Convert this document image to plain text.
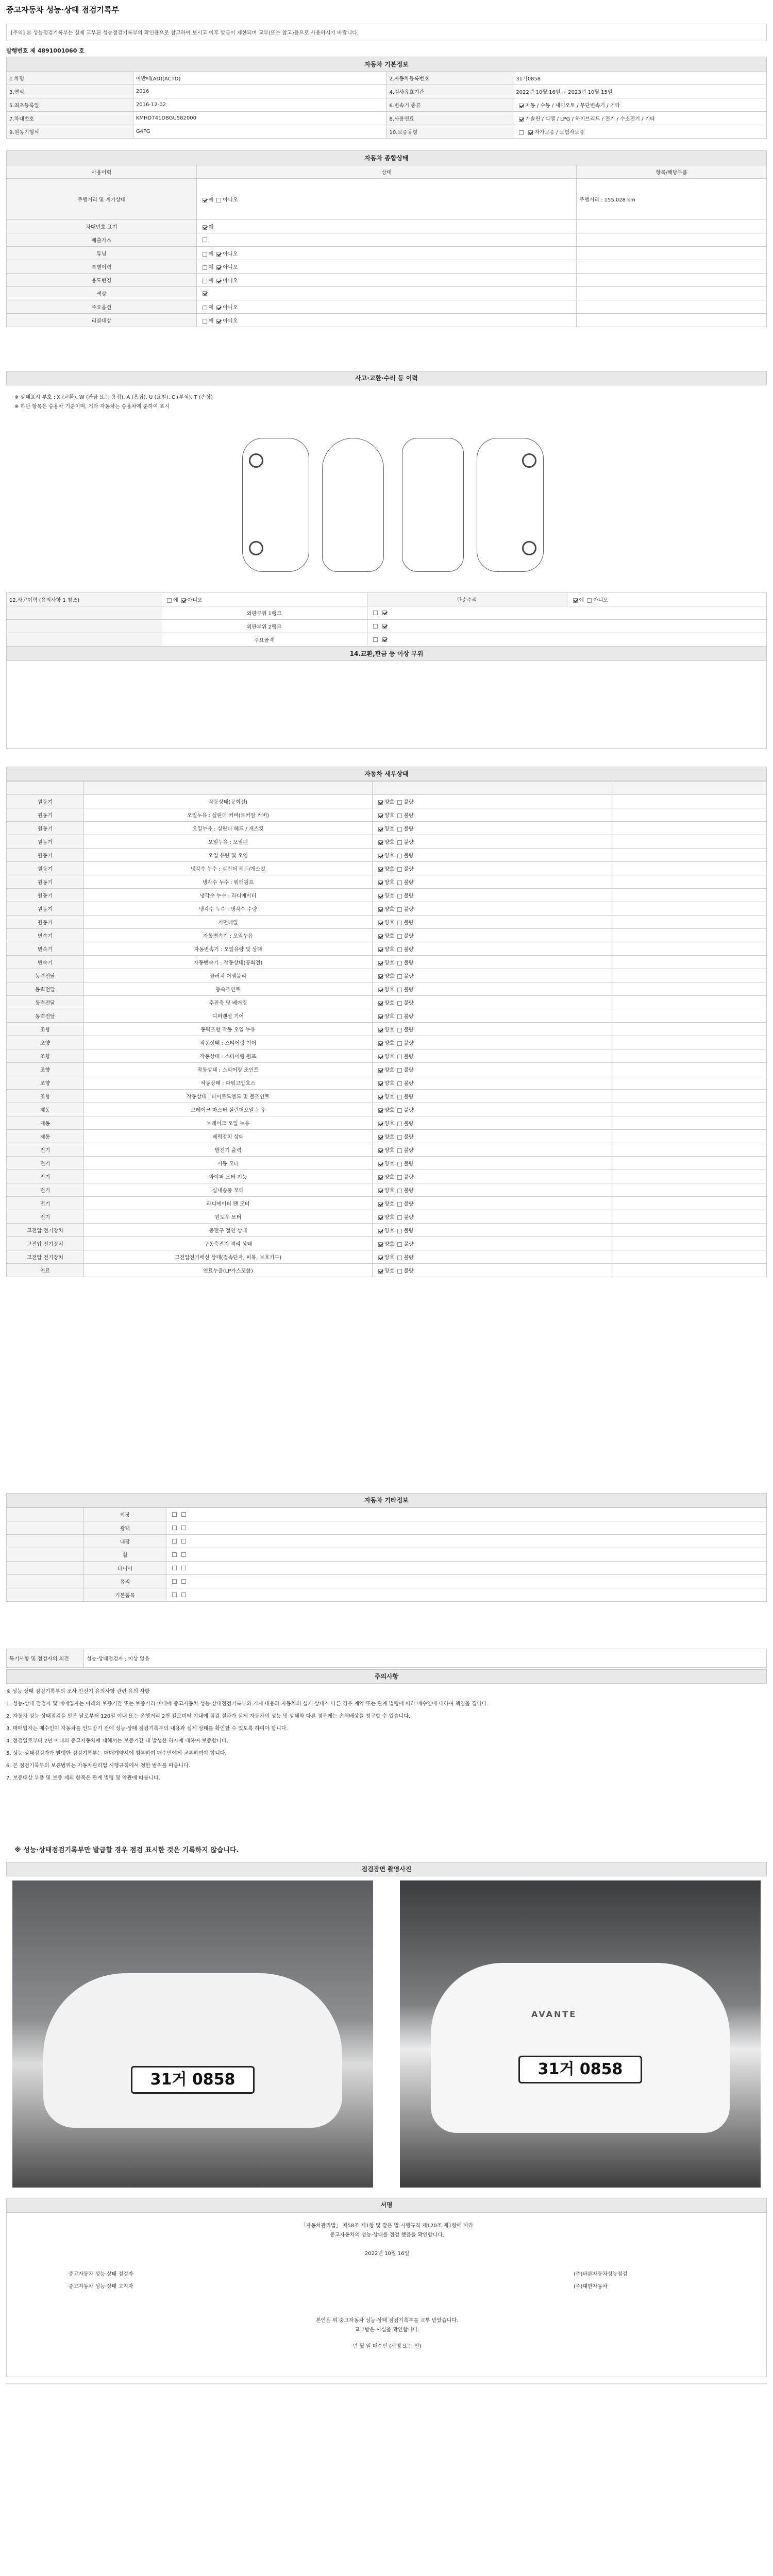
중고자동차 성능·상태 점검기록부
[주의] 본 성능점검기록부는 실제 교부된 성능점검기록부의 확인용으로 참고하여 보시고 이후 발급이 제한되며 교부(또는 참고)용으로 사용하시기 바랍니다.
발행번호 제 4891001060 호
자동차 기본정보			
1.차명	아반떼(AD)(ACTD)	2.자동차등록번호	31거0858
3.연식	2016	4.검사유효기간	2022년 10월 16일 ~ 2023년 10월 15일
5.최초등록일	2016-12-02	6.변속기 종류	자동 / 수동 / 세미오토 / 무단변속기 / 기타
7.차대번호	KMHD741DBGU582000	8.사용연료	가솔린 / 디젤 / LPG / 하이브리드 / 전기 / 수소전기 / 기타
9.원동기형식	G4FG	10.보증유형	자가보증 / 보험사보증
자동차 종합상태		
사용이력	상태	항목/해당부품
주행거리 및 계기상태	예 아니오	주행거리 : 155,028 km
차대번호 표기	예	
배출가스		
튜닝	예 아니오	
특별이력	예 아니오	
용도변경	예 아니오	
색상		
주요옵션	예 아니오	
리콜대상	예 아니오	
사고·교환·수리 등 이력
※ 상태표시 부호 : X (교환), W (판금 또는 용접), A (흠집), U (요철), C (부식), T (손상)
※ 하단 항목은 승용차 기준이며, 기타 자동차는 승용차에 준하여 표시
12.사고이력 (유의사항 1 참조)	예 아니오	단순수리	예 아니오
	외판부위 1랭크		
	외판부위 2랭크		
	주요골격		
14.교환,판금 등 이상 부위			

자동차 세부상태

원동기	작동상태(공회전)	양호 불량	
원동기	오일누유 : 실린더 커버(로커암 커버)	양호 불량	
원동기	오일누유 : 실린더 헤드 / 개스킷	양호 불량	
원동기	오일누유 : 오일팬	양호 불량	
원동기	오일 유량 및 오염	양호 불량	
원동기	냉각수 누수 : 실린더 헤드/개스킷	양호 불량	
원동기	냉각수 누수 : 워터펌프	양호 불량	
원동기	냉각수 누수 : 라디에이터	양호 불량	
원동기	냉각수 누수 : 냉각수 수량	양호 불량	
원동기	커먼레일	양호 불량	
변속기	자동변속기 : 오일누유	양호 불량	
변속기	자동변속기 : 오일유량 및 상태	양호 불량	
변속기	자동변속기 : 작동상태(공회전)	양호 불량	
동력전달	클러치 어셈블리	양호 불량	
동력전달	등속조인트	양호 불량	
동력전달	추진축 및 베어링	양호 불량	
동력전달	디퍼렌셜 기어	양호 불량	
조향	동력조향 작동 오일 누유	양호 불량	
조향	작동상태 : 스티어링 기어	양호 불량	
조향	작동상태 : 스티어링 펌프	양호 불량	
조향	작동상태 : 스티어링 조인트	양호 불량	
조향	작동상태 : 파워고압호스	양호 불량	
조향	작동상태 : 타이로드엔드 및 볼조인트	양호 불량	
제동	브레이크 마스터 실린더오일 누유	양호 불량	
제동	브레이크 오일 누유	양호 불량	
제동	배력장치 상태	양호 불량	
전기	발전기 출력	양호 불량	
전기	시동 모터	양호 불량	
전기	와이퍼 모터 기능	양호 불량	
전기	실내송풍 모터	양호 불량	
전기	라디에이터 팬 모터	양호 불량	
전기	윈도우 모터	양호 불량	
고전압 전기장치	충전구 절연 상태	양호 불량	
고전압 전기장치	구동축전지 격리 상태	양호 불량	
고전압 전기장치	고전압전기배선 상태(접속단자, 피복, 보호기구)	양호 불량	
연료	연료누출(LP가스포함)	양호 불량	
자동차 기타정보
	외장	
	광택	
	내장	
	휠	
	타이어	
	유리	
	기본품목	
특기사항 및 점검자의 의견	성능·상태점검자 : 이상 없음
주의사항
※ 성능·상태 점검기록부의 조사 안전기 유의사항 관련 유의 사항
1. 성능·상태 점검자 및 매매업자는 아래의 보증기간 또는 보증거리 이내에 중고자동차 성능·상태점검기록부의 기재 내용과 자동차의 실제 상태가 다른 경우 계약 또는 관계 법령에 따라 매수인에 대하여 책임을 집니다.
2. 자동차 성능·상태점검을 받은 날로부터 120일 이내 또는 운행거리 2천 킬로미터 이내에 점검 결과가 실제 자동차의 성능 및 상태와 다른 경우에는 손해배상을 청구할 수 있습니다.
3. 매매업자는 매수인이 자동차를 인도받기 전에 성능·상태 점검기록부의 내용과 실제 상태를 확인할 수 있도록 하여야 합니다.
4. 점검일로부터 2년 이내의 중고자동차에 대해서는 보증기간 내 발생한 하자에 대하여 보증합니다.
5. 성능·상태점검자가 발행한 점검기록부는 매매계약서에 첨부하여 매수인에게 교부하여야 합니다.
6. 본 점검기록부의 보증범위는 자동차관리법 시행규칙에서 정한 범위를 따릅니다.
7. 보증대상 부품 및 보증 제외 항목은 관계 법령 및 약관에 따릅니다.
※ 성능·상태점검기록부만 발급할 경우 점검 표시한 것은 기록하지 않습니다.
점검장면 촬영사진
31거 0858
AVANTE
31거 0858
서명

「자동차관리법」 제58조 제1항 및 같은 법 시행규칙 제120조 제1항에 따라

중고자동차의 성능·상태를 점검 했음을 확인합니다.

2022년 10월 16일

중고자동차 성능·상태 점검자	(주)바른자동차성능점검

중고자동차 성능·상태 고지자	(주)대한자동차

본인은 위 중고자동차 성능·상태 점검기록부를 교부 받았습니다.

교부받은 사실을 확인합니다.

년 월 일 매수인 (서명 또는 인)
